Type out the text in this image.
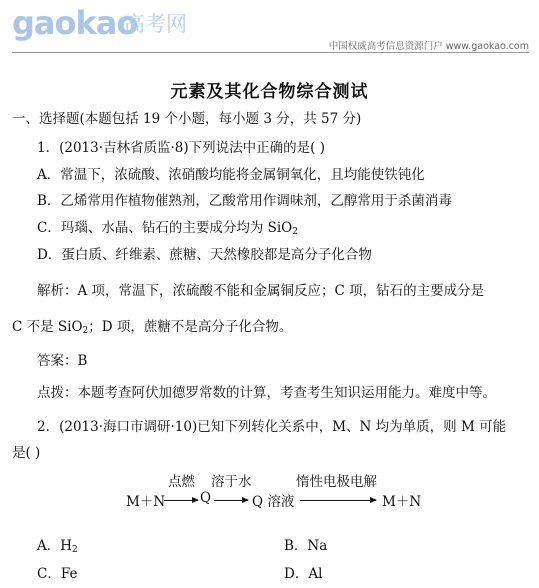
gaokao
高考网
中国权威高考信息资源门户 www.gaokao.com
元素及其化合物综合测试
一、选择题(本题包括 19 个小题，每小题 3 分，共 57 分)
1．(2013·吉林省质监·8)下列说法中正确的是( )
A．常温下，浓硫酸、浓硝酸均能将金属铜氧化，且均能使铁钝化
B．乙烯常用作植物催熟剂，乙酸常用作调味剂，乙醇常用于杀菌消毒
C．玛瑙、水晶、钻石的主要成分均为 SiO$_2$
D．蛋白质、纤维素、蔗糖、天然橡胶都是高分子化合物
解析：A 项，常温下，浓硫酸不能和金属铜反应；C 项，钻石的主要成分是
C 不是 SiO$_2$；D 项，蔗糖不是高分子化合物。
答案：B
点拨：本题考查阿伏加德罗常数的计算，考查考生知识运用能力。难度中等。
2．(2013·海口市调研·10)已知下列转化关系中，M、N 均为单质，则 M 可能
是( )
点燃 溶于水	惰性电极电解
M＋N	Q	Q 溶液	M＋N
A．$H_2$	B．Na
C．Fe	D．Al
